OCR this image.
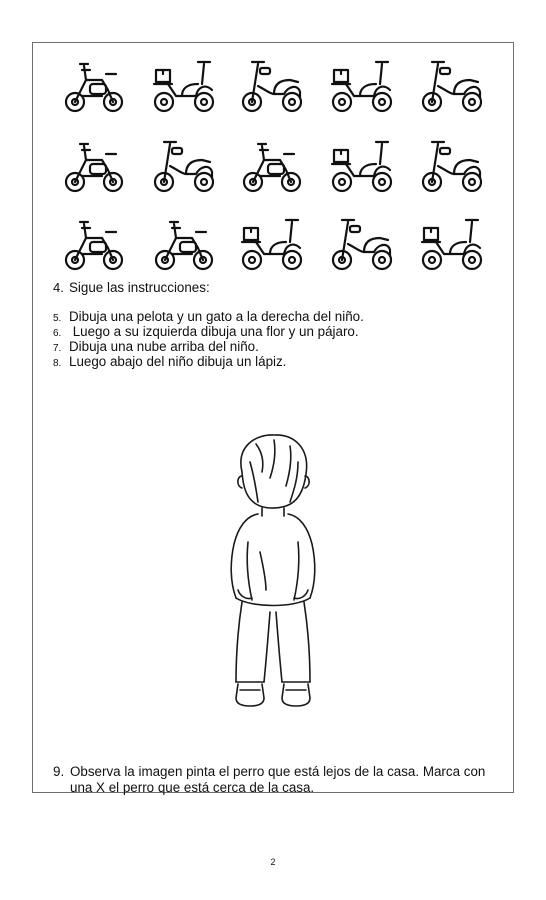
4. Sigue las instrucciones:
5. Dibuja una pelota y un gato a la derecha del niño.
6. Luego a su izquierda dibuja una flor y un pájaro.
7. Dibuja una nube arriba del niño.
8. Luego abajo del niño dibuja un lápiz.
9. Observa la imagen pinta el perro que está lejos de la casa. Marca con
una X el perro que está cerca de la casa.
2
